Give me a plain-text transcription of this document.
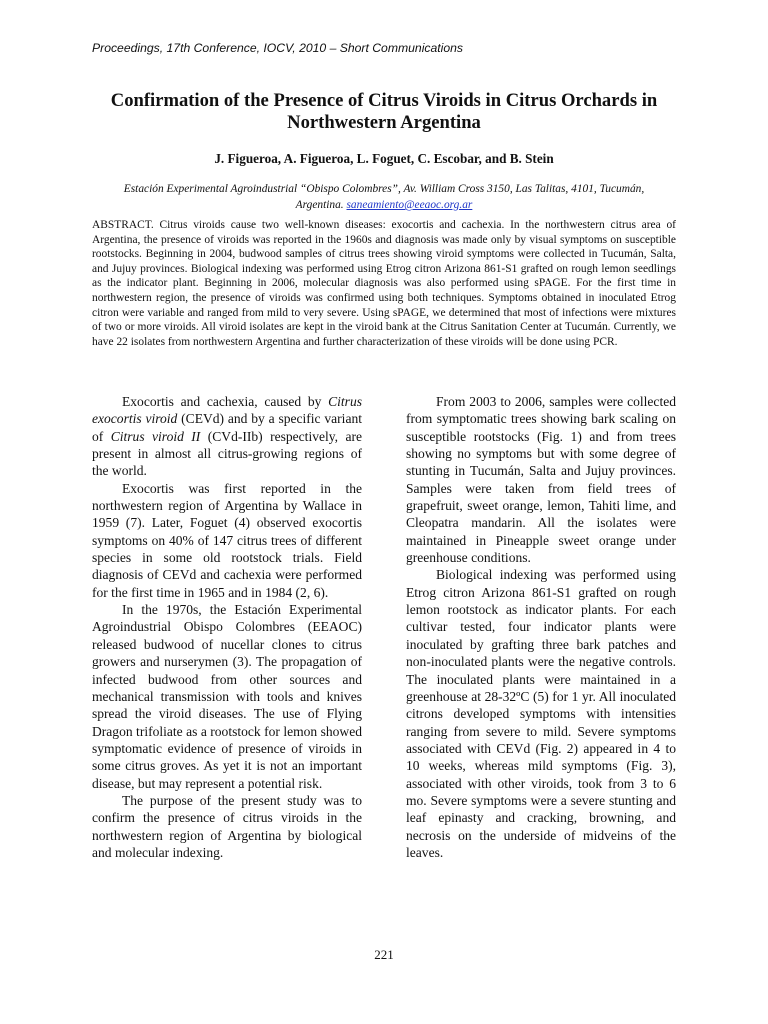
Proceedings, 17th Conference, IOCV, 2010 – Short Communications
Confirmation of the Presence of Citrus Viroids in Citrus Orchards in Northwestern Argentina
J. Figueroa, A. Figueroa, L. Foguet, C. Escobar, and B. Stein
Estación Experimental Agroindustrial “Obispo Colombres”, Av. William Cross 3150, Las Talitas, 4101, Tucumán, Argentina. saneamiento@eeaoc.org.ar

ABSTRACT. Citrus viroids cause two well-known diseases: exocortis and cachexia. In the northwestern citrus area of Argentina, the presence of viroids was reported in the 1960s and diagnosis was made only by visual symptoms on susceptible rootstocks. Beginning in 2004, budwood samples of citrus trees showing viroid symptoms were collected in Tucumán, Salta, and Jujuy provinces. Biological indexing was performed using Etrog citron Arizona 861-S1 grafted on rough lemon seedlings as the indicator plant. Beginning in 2006, molecular diagnosis was also performed using sPAGE. For the first time in northwestern region, the presence of viroids was confirmed using both techniques. Symptoms obtained in inoculated Etrog citron were variable and ranged from mild to very severe. Using sPAGE, we determined that most of infections were mixtures of two or more viroids. All viroid isolates are kept in the viroid bank at the Citrus Sanitation Center at Tucumán. Currently, we have 22 isolates from northwestern Argentina and further characterization of these viroids will be done using PCR.

Exocortis and cachexia, caused by Citrus exocortis viroid (CEVd) and by a specific variant of Citrus viroid II (CVd-IIb) respectively, are present in almost all citrus-growing regions of the world.

Exocortis was first reported in the northwestern region of Argentina by Wallace in 1959 (7). Later, Foguet (4) observed exocortis symptoms on 40% of 147 citrus trees of different species in some old rootstock trials. Field diagnosis of CEVd and cachexia were performed for the first time in 1965 and in 1984 (2, 6).

In the 1970s, the Estación Experimental Agroindustrial Obispo Colombres (EEAOC) released budwood of nucellar clones to citrus growers and nurserymen (3). The propagation of infected budwood from other sources and mechanical transmission with tools and knives spread the viroid diseases. The use of Flying Dragon trifoliate as a rootstock for lemon showed symptomatic evidence of presence of viroids in some citrus groves. As yet it is not an important disease, but may represent a potential risk.

The purpose of the present study was to confirm the presence of citrus viroids in the northwestern region of Argentina by biological and molecular indexing.

From 2003 to 2006, samples were collected from symptomatic trees showing bark scaling on susceptible rootstocks (Fig. 1) and from trees showing no symptoms but with some degree of stunting in Tucumán, Salta and Jujuy provinces. Samples were taken from field trees of grapefruit, sweet orange, lemon, Tahiti lime, and Cleopatra mandarin. All the isolates were maintained in Pineapple sweet orange under greenhouse conditions.

Biological indexing was performed using Etrog citron Arizona 861-S1 grafted on rough lemon rootstock as indicator plants. For each cultivar tested, four indicator plants were inoculated by grafting three bark patches and non-inoculated plants were the negative controls. The inoculated plants were maintained in a greenhouse at 28-32ºC (5) for 1 yr. All inoculated citrons developed symptoms with intensities ranging from severe to mild. Severe symptoms associated with CEVd (Fig. 2) appeared in 4 to 10 weeks, whereas mild symptoms (Fig. 3), associated with other viroids, took from 3 to 6 mo. Severe symptoms were a severe stunting and leaf epinasty and cracking, browning, and necrosis on the underside of midveins of the leaves.

221
